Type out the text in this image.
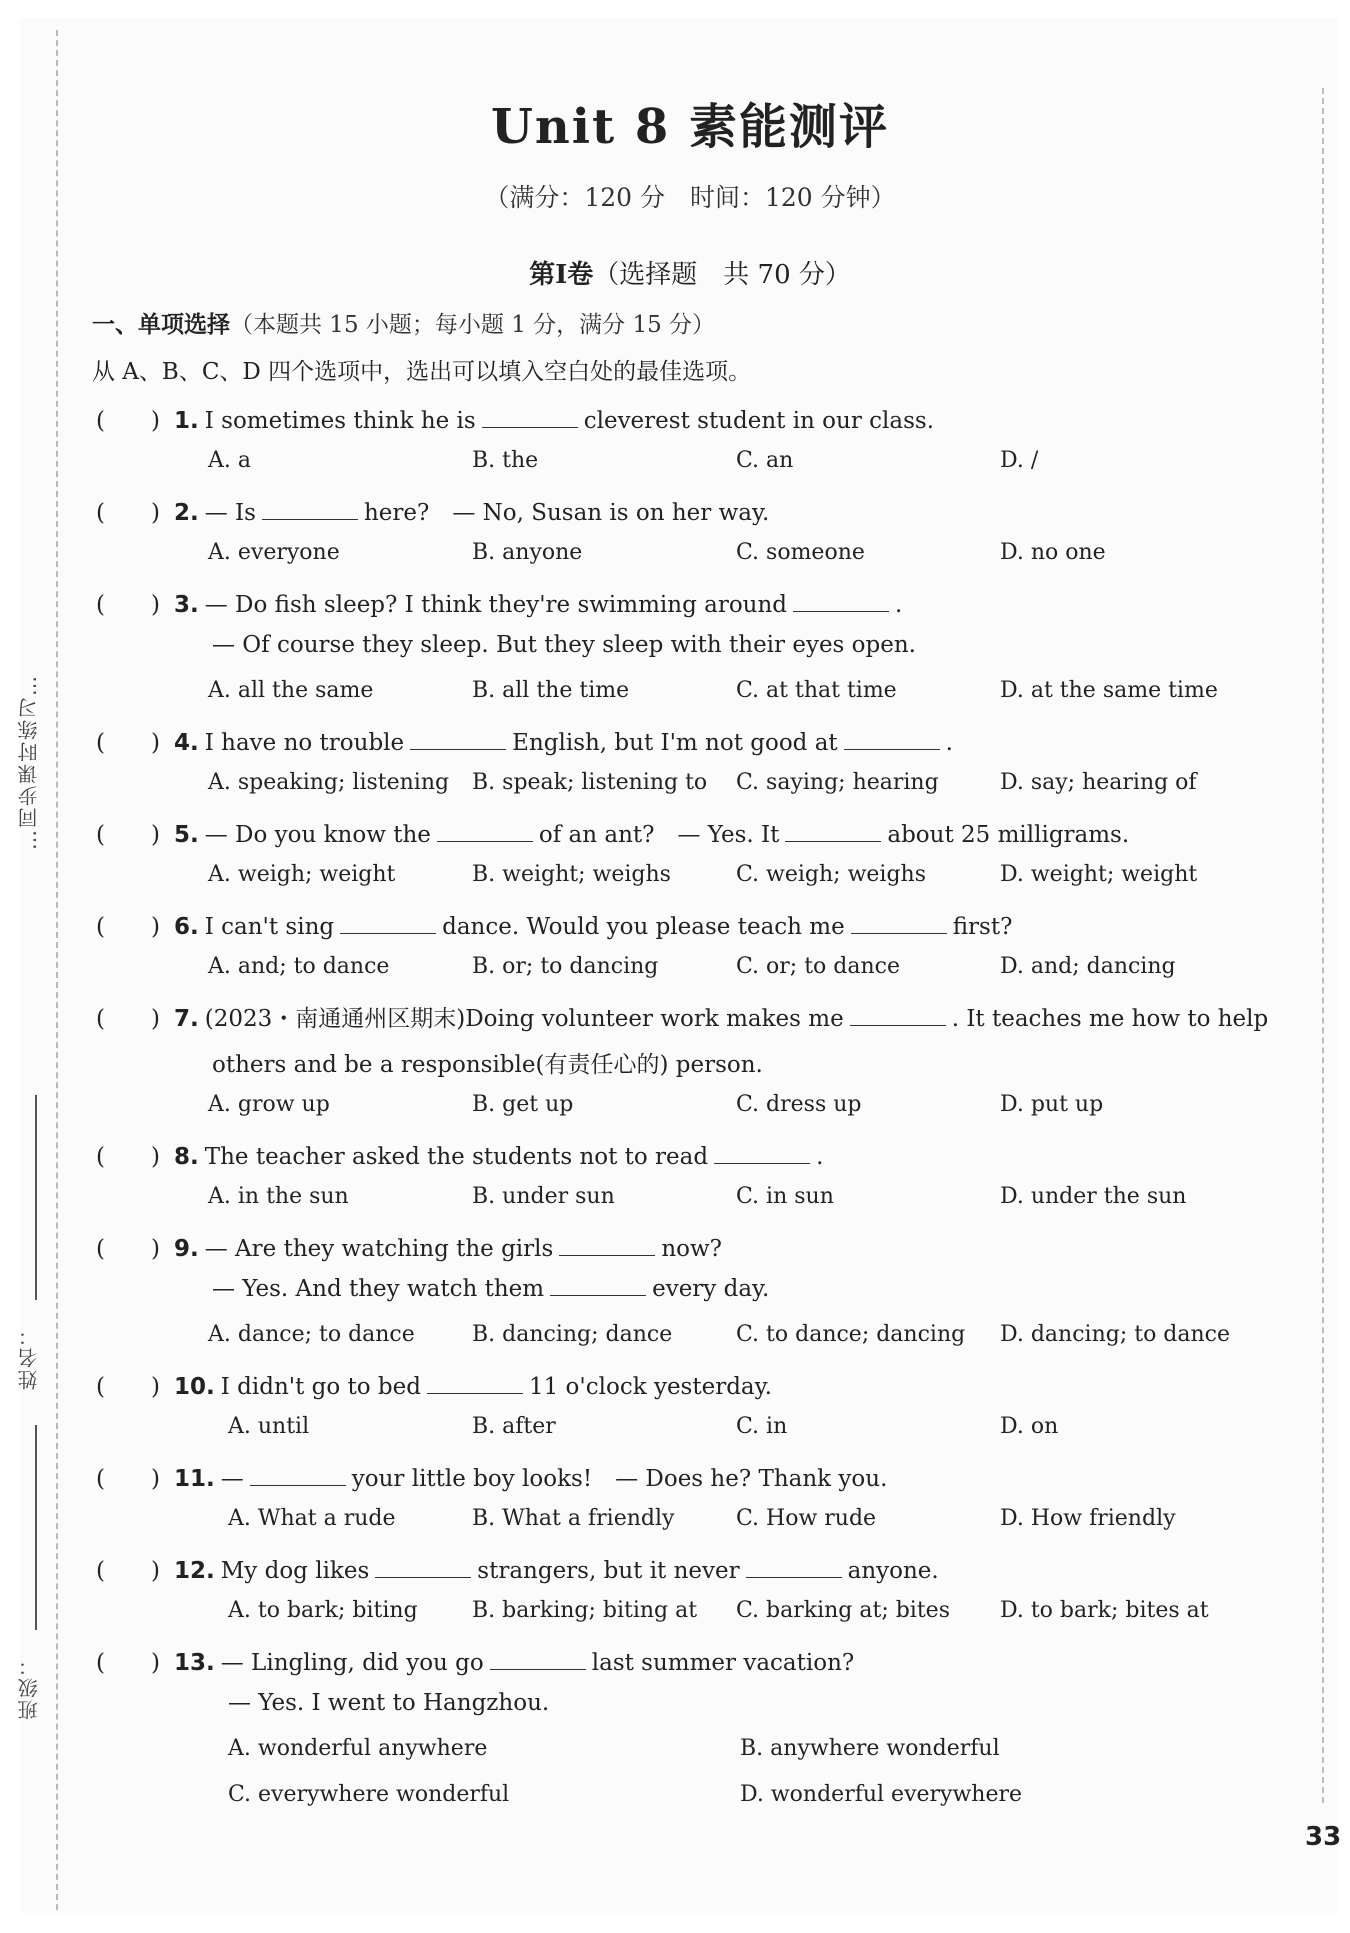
…同步课时练习…
姓名：
班级：
Unit 8 素能测评
（满分：120 分　时间：120 分钟）
第Ⅰ卷（选择题　共 70 分）
一、单项选择（本题共 15 小题；每小题 1 分，满分 15 分）
从 A、B、C、D 四个选项中，选出可以填入空白处的最佳选项。
(　　) 1. I sometimes think he is	cleverest student in our class.
A. a	B. the	C. an	D. /
(　　) 2. — Is	here?　— No, Susan is on her way.
A. everyone	B. anyone	C. someone	D. no one
(　　) 3. — Do fish sleep? I think they're swimming around	.
— Of course they sleep. But they sleep with their eyes open.
A. all the same	B. all the time	C. at that time	D. at the same time
(　　) 4. I have no trouble	English, but I'm not good at	.
A. speaking; listening B. speak; listening to C. saying; hearing	D. say; hearing of
(　　) 5. — Do you know the	of an ant?　— Yes. It	about 25 milligrams.
A. weigh; weight	B. weight; weighs	C. weigh; weighs	D. weight; weight
(　　) 6. I can't sing	dance. Would you please teach me	first?
A. and; to dance	B. or; to dancing	C. or; to dance	D. and; dancing
(　　) 7. (2023・南通通州区期末)Doing volunteer work makes me	. It teaches me how to help
others and be a responsible(有责任心的) person.
A. grow up	B. get up	C. dress up	D. put up
(　　) 8. The teacher asked the students not to read	.
A. in the sun	B. under sun	C. in sun	D. under the sun
(　　) 9. — Are they watching the girls	now?
— Yes. And they watch them	every day.
A. dance; to dance	B. dancing; dance	C. to dance; dancing D. dancing; to dance
(　　) 10. I didn't go to bed	11 o'clock yesterday.
A. until	B. after	C. in	D. on
(　　) 11. —	your little boy looks!　— Does he? Thank you.
A. What a rude	B. What a friendly	C. How rude	D. How friendly
(　　) 12. My dog likes	strangers, but it never	anyone.
A. to bark; biting B. barking; biting at C. barking at; bites D. to bark; bites at
(　　) 13. — Lingling, did you go	last summer vacation?
— Yes. I went to Hangzhou.
A. wonderful anywhere	B. anywhere wonderful
C. everywhere wonderful	D. wonderful everywhere
33
